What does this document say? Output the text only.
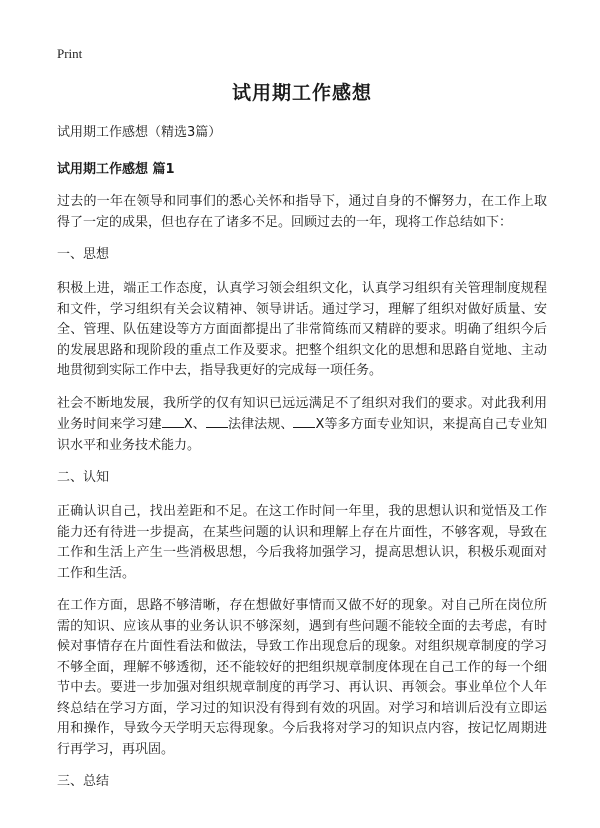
Print
试用期工作感想

试用期工作感想（精选3篇）

试用期工作感想 篇1

过去的一年在领导和同事们的悉心关怀和指导下，通过自身的不懈努力，在工作上取得了一定的成果，但也存在了诸多不足。回顾过去的一年，现将工作总结如下：

一、思想

积极上进，端正工作态度，认真学习领会组织文化，认真学习组织有关管理制度规程和文件，学习组织有关会议精神、领导讲话。通过学习，理解了组织对做好质量、安全、管理、队伍建设等方方面面都提出了非常简练而又精辟的要求。明确了组织今后的发展思路和现阶段的重点工作及要求。把整个组织文化的思想和思路自觉地、主动地贯彻到实际工作中去，指导我更好的完成每一项任务。

社会不断地发展，我所学的仅有知识已远远满足不了组织对我们的要求。对此我利用业务时间来学习建 X、 法律法规、 X等多方面专业知识，来提高自己专业知识水平和业务技术能力。

二、认知

正确认识自己，找出差距和不足。在这工作时间一年里，我的思想认识和觉悟及工作能力还有待进一步提高，在某些问题的认识和理解上存在片面性，不够客观，导致在工作和生活上产生一些消极思想，今后我将加强学习，提高思想认识，积极乐观面对工作和生活。

在工作方面，思路不够清晰，存在想做好事情而又做不好的现象。对自己所在岗位所需的知识、应该从事的业务认识不够深刻，遇到有些问题不能较全面的去考虑，有时候对事情存在片面性看法和做法，导致工作出现怠后的现象。对组织规章制度的学习不够全面，理解不够透彻，还不能较好的把组织规章制度体现在自己工作的每一个细节中去。要进一步加强对组织规章制度的再学习、再认识、再领会。事业单位个人年终总结在学习方面，学习过的知识没有得到有效的巩固。对学习和培训后没有立即运用和操作，导致今天学明天忘得现象。今后我将对学习的知识点内容，按记忆周期进行再学习，再巩固。

三、总结
